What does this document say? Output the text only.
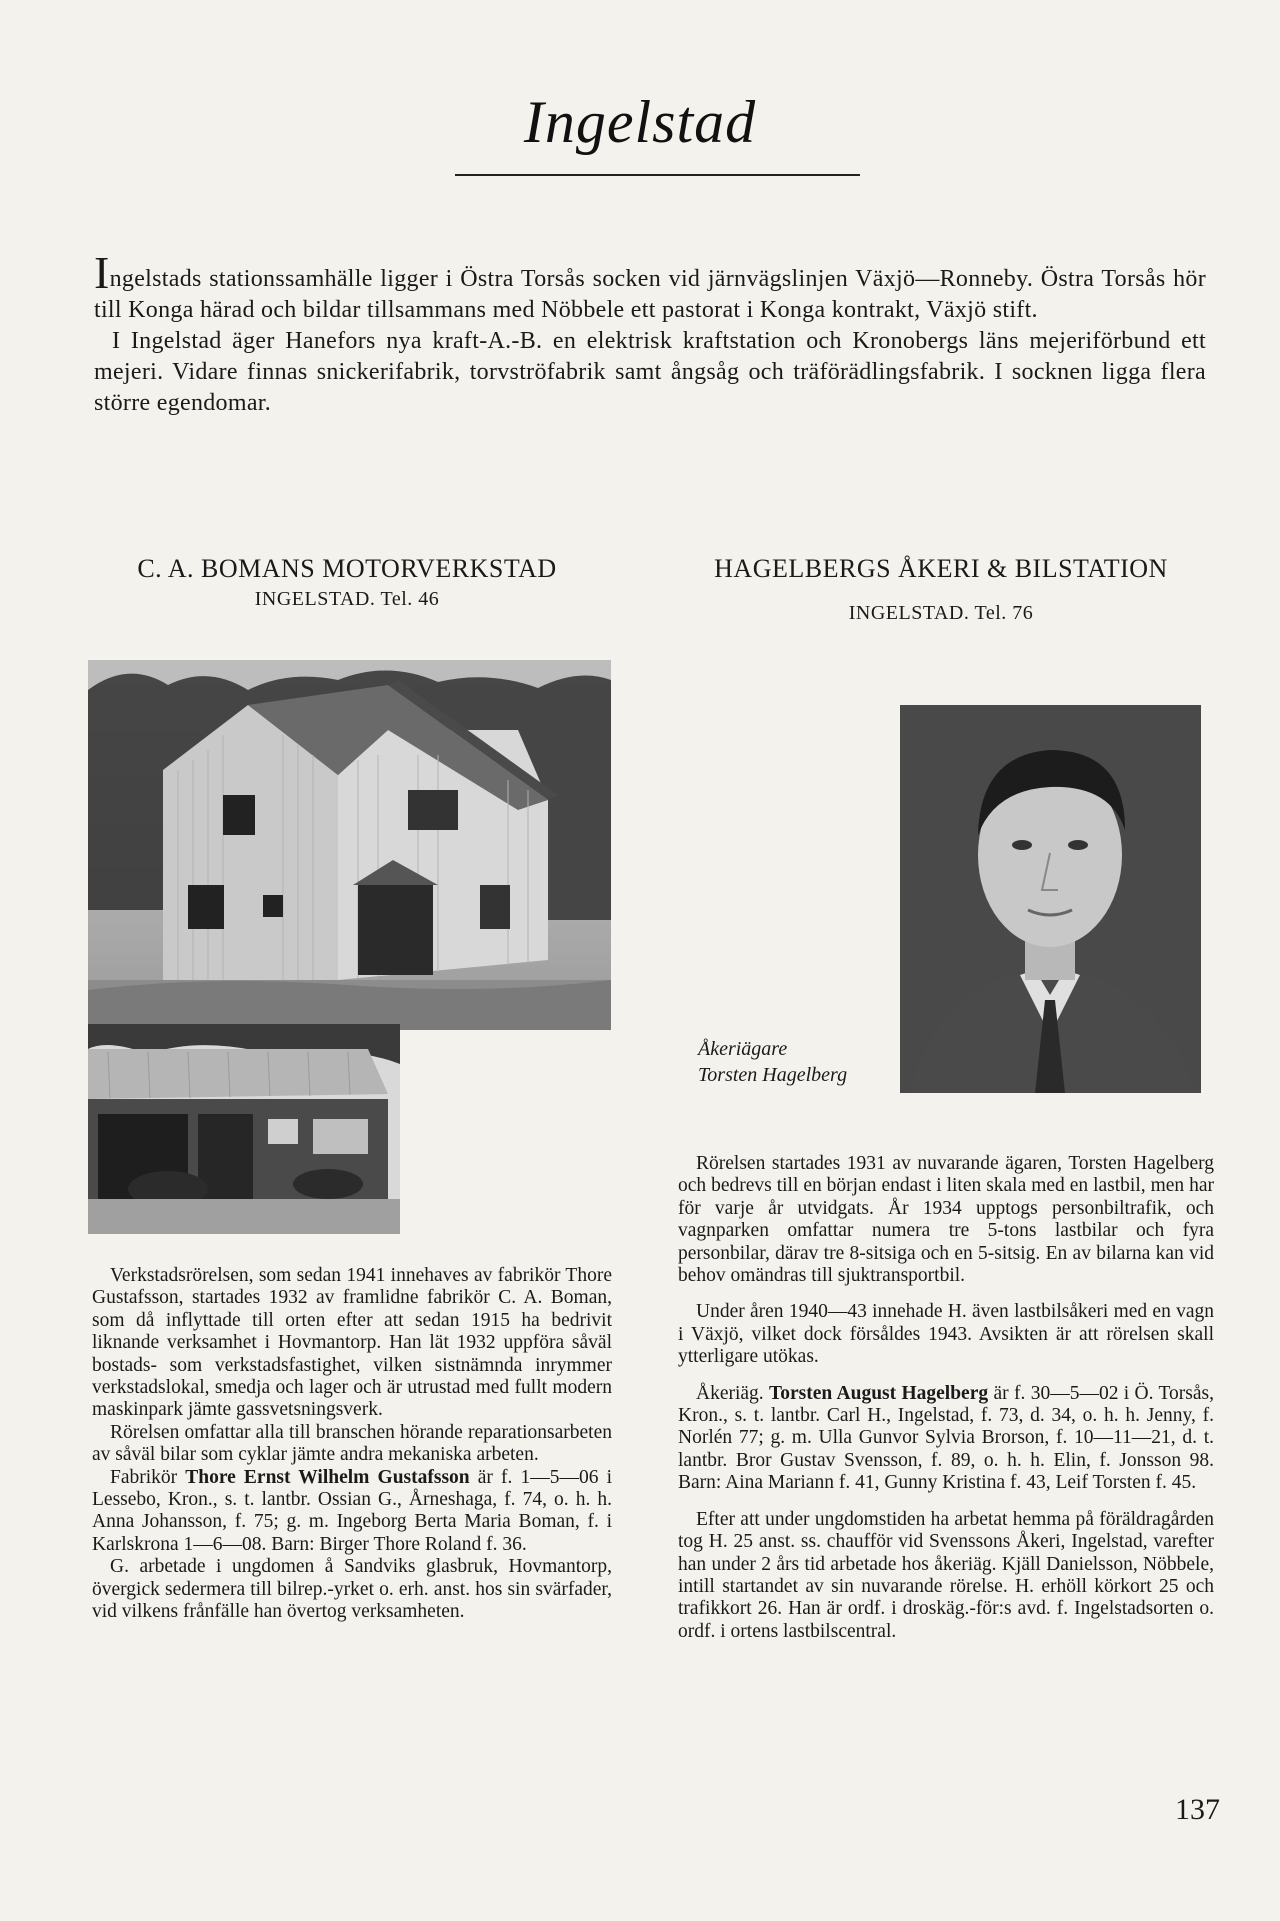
Ingelstad

Ingelstads stationssamhälle ligger i Östra Torsås socken vid järnvägslinjen Växjö—Ronneby. Östra Torsås hör till Konga härad och bildar tillsammans med Nöbbele ett pastorat i Konga kontrakt, Växjö stift.

I Ingelstad äger Hanefors nya kraft-A.-B. en elektrisk kraftstation och Kronobergs läns mejeriförbund ett mejeri. Vidare finnas snickerifabrik, torvströfabrik samt ångsåg och träförädlingsfabrik. I socknen ligga flera större egendomar.

C. A. BOMANS MOTORVERKSTAD
INGELSTAD. Tel. 46
HAGELBERGS ÅKERI & BILSTATION
INGELSTAD. Tel. 76
Åkeriägare
Torsten Hagelberg

Verkstadsrörelsen, som sedan 1941 innehaves av fabrikör Thore Gustafsson, startades 1932 av framlidne fabrikör C. A. Boman, som då inflyttade till orten efter att sedan 1915 ha bedrivit liknande verksamhet i Hovmantorp. Han lät 1932 uppföra såväl bostads- som verkstadsfastighet, vilken sistnämnda inrymmer verkstadslokal, smedja och lager och är utrustad med fullt modern maskinpark jämte gassvetsningsverk.

Rörelsen omfattar alla till branschen hörande reparationsarbeten av såväl bilar som cyklar jämte andra mekaniska arbeten.

Fabrikör Thore Ernst Wilhelm Gustafsson är f. 1—5—06 i Lessebo, Kron., s. t. lantbr. Ossian G., Årneshaga, f. 74, o. h. h. Anna Johansson, f. 75; g. m. Ingeborg Berta Maria Boman, f. i Karlskrona 1—6—08. Barn: Birger Thore Roland f. 36.

G. arbetade i ungdomen å Sandviks glasbruk, Hovmantorp, övergick sedermera till bilrep.-yrket o. erh. anst. hos sin svärfader, vid vilkens frånfälle han övertog verksamheten.

Rörelsen startades 1931 av nuvarande ägaren, Torsten Hagelberg och bedrevs till en början endast i liten skala med en lastbil, men har för varje år utvidgats. År 1934 upptogs personbiltrafik, och vagnparken omfattar numera tre 5-tons lastbilar och fyra personbilar, därav tre 8-sitsiga och en 5-sitsig. En av bilarna kan vid behov omändras till sjuktransportbil.

Under åren 1940—43 innehade H. även lastbilsåkeri med en vagn i Växjö, vilket dock försåldes 1943. Avsikten är att rörelsen skall ytterligare utökas.

Åkeriäg. Torsten August Hagelberg är f. 30—5—02 i Ö. Torsås, Kron., s. t. lantbr. Carl H., Ingelstad, f. 73, d. 34, o. h. h. Jenny, f. Norlén 77; g. m. Ulla Gunvor Sylvia Brorson, f. 10—11—21, d. t. lantbr. Bror Gustav Svensson, f. 89, o. h. h. Elin, f. Jonsson 98. Barn: Aina Mariann f. 41, Gunny Kristina f. 43, Leif Torsten f. 45.

Efter att under ungdomstiden ha arbetat hemma på föräldragården tog H. 25 anst. ss. chaufför vid Svenssons Åkeri, Ingelstad, varefter han under 2 års tid arbetade hos åkeriäg. Kjäll Danielsson, Nöbbele, intill startandet av sin nuvarande rörelse. H. erhöll körkort 25 och trafikkort 26. Han är ordf. i droskäg.-för:s avd. f. Ingelstadsorten o. ordf. i ortens lastbilscentral.

137
